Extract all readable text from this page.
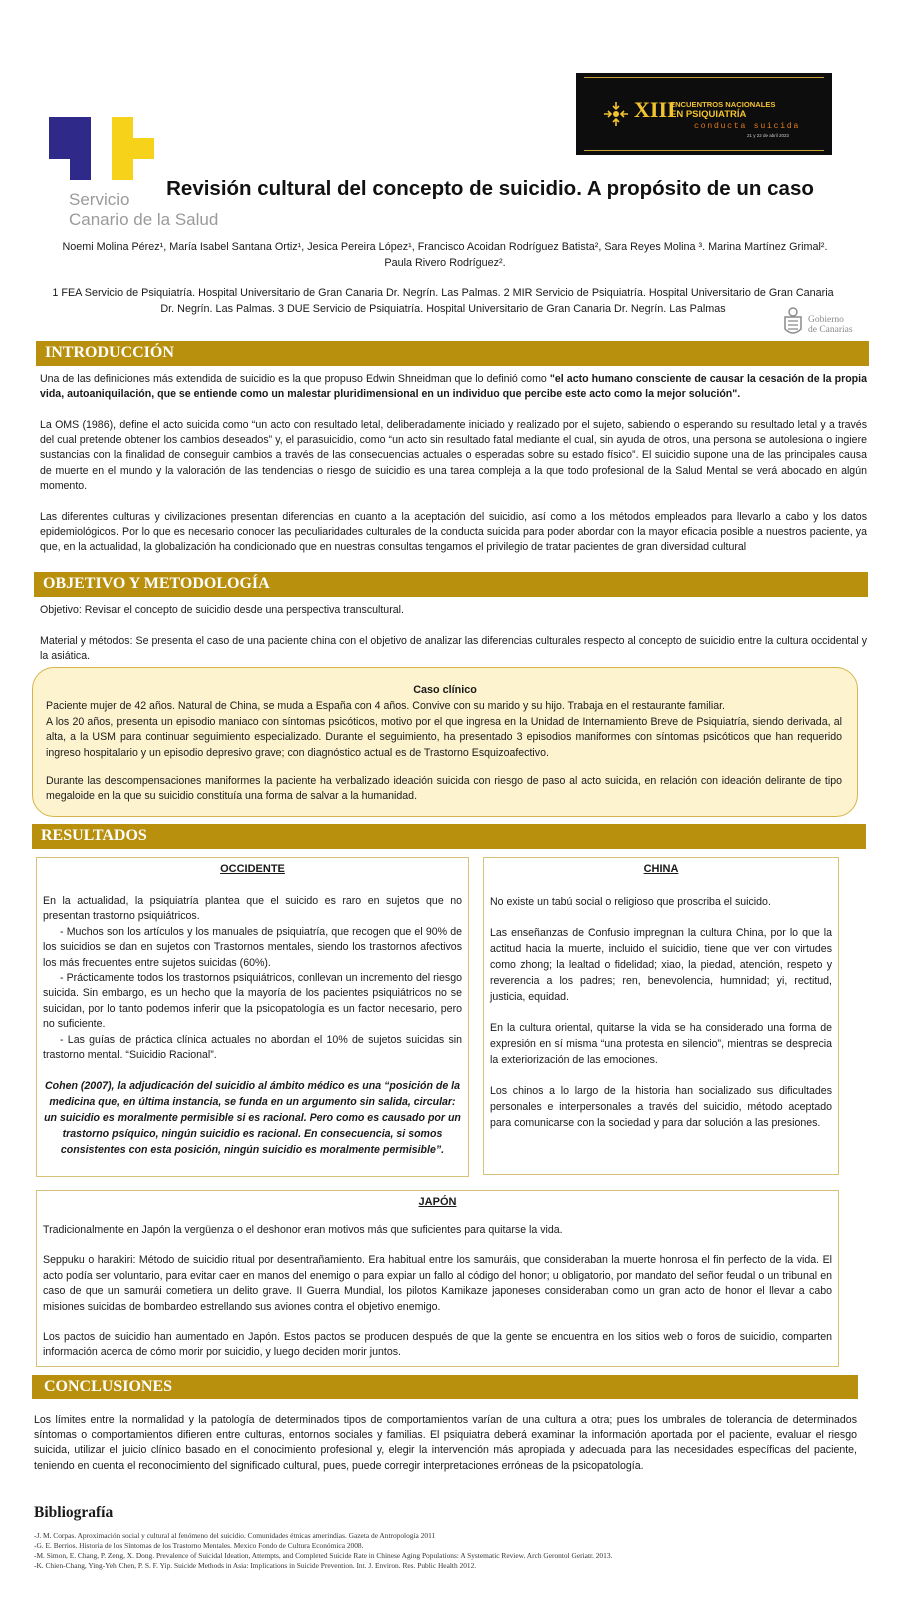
Servicio
Canario de la Salud
XIII
ENCUENTROS NACIONALES
EN PSIQUIATRÍA
conducta suicida
21 y 22 de abril 2022
Revisión cultural del concepto de suicidio. A propósito de un caso
Noemi Molina Pérez¹, María Isabel Santana Ortiz¹, Jesica Pereira López¹, Francisco Acoidan Rodríguez Batista², Sara Reyes Molina ³. Marina Martínez Grimal². Paula Rivero Rodríguez².
1 FEA Servicio de Psiquiatría. Hospital Universitario de Gran Canaria Dr. Negrín. Las Palmas. 2 MIR Servicio de Psiquiatría. Hospital Universitario de Gran Canaria Dr. Negrín. Las Palmas. 3 DUE Servicio de Psiquiatría. Hospital Universitario de Gran Canaria Dr. Negrín. Las Palmas
Gobierno
de Canarias
INTRODUCCIÓN
Una de las definiciones más extendida de suicidio es la que propuso Edwin Shneidman que lo definió como "el acto humano consciente de causar la cesación de la propia vida, autoaniquilación, que se entiende como un malestar pluridimensional en un individuo que percibe este acto como la mejor solución".
La OMS (1986), define el acto suicida como “un acto con resultado letal, deliberadamente iniciado y realizado por el sujeto, sabiendo o esperando su resultado letal y a través del cual pretende obtener los cambios deseados” y, el parasuicidio, como “un acto sin resultado fatal mediante el cual, sin ayuda de otros, una persona se autolesiona o ingiere sustancias con la finalidad de conseguir cambios a través de las consecuencias actuales o esperadas sobre su estado físico”. El suicidio supone una de las principales causa de muerte en el mundo y la valoración de las tendencias o riesgo de suicidio es una tarea compleja a la que todo profesional de la Salud Mental se verá abocado en algún momento.
Las diferentes culturas y civilizaciones presentan diferencias en cuanto a la aceptación del suicidio, así como a los métodos empleados para llevarlo a cabo y los datos epidemiológicos. Por lo que es necesario conocer las peculiaridades culturales de la conducta suicida para poder abordar con la mayor eficacia posible a nuestros paciente, ya que, en la actualidad, la globalización ha condicionado que en nuestras consultas tengamos el privilegio de tratar pacientes de gran diversidad cultural
OBJETIVO Y METODOLOGÍA
Objetivo: Revisar el concepto de suicidio desde una perspectiva transcultural.
Material y métodos: Se presenta el caso de una paciente china con el objetivo de analizar las diferencias culturales respecto al concepto de suicidio entre la cultura occidental y la asiática.
Caso clínico
Paciente mujer de 42 años. Natural de China, se muda a España con 4 años. Convive con su marido y su hijo. Trabaja en el restaurante familiar.
A los 20 años, presenta un episodio maniaco con síntomas psicóticos, motivo por el que ingresa en la Unidad de Internamiento Breve de Psiquiatría, siendo derivada, al alta, a la USM para continuar seguimiento especializado. Durante el seguimiento, ha presentado 3 episodios maniformes con síntomas psicóticos que han requerido ingreso hospitalario y un episodio depresivo grave; con diagnóstico actual es de Trastorno Esquizoafectivo.
Durante las descompensaciones maniformes la paciente ha verbalizado ideación suicida con riesgo de paso al acto suicida, en relación con ideación delirante de tipo megaloide en la que su suicidio constituía una forma de salvar a la humanidad.
RESULTADOS
OCCIDENTE

En la actualidad, la psiquiatría plantea que el suicido es raro en sujetos que no presentan trastorno psiquiátricos.

- Muchos son los artículos y los manuales de psiquiatría, que recogen que el 90% de los suicidios se dan en sujetos con Trastornos mentales, siendo los trastornos afectivos los más frecuentes entre sujetos suicidas (60%).

- Prácticamente todos los trastornos psiquiátricos, conllevan un incremento del riesgo suicida. Sin embargo, es un hecho que la mayoría de los pacientes psiquiátricos no se suicidan, por lo tanto podemos inferir que la psicopatología es un factor necesario, pero no suficiente.

- Las guías de práctica clínica actuales no abordan el 10% de sujetos suicidas sin trastorno mental. “Suicidio Racional”.

Cohen (2007), la adjudicación del suicidio al ámbito médico es una “posición de la medicina que, en última instancia, se funda en un argumento sin salida, circular: un suicidio es moralmente permisible si es racional. Pero como es causado por un trastorno psíquico, ningún suicidio es racional. En consecuencia, si somos consistentes con esta posición, ningún suicidio es moralmente permisible”.

CHINA

No existe un tabú social o religioso que proscriba el suicido.

Las enseñanzas de Confusio impregnan la cultura China, por lo que la actitud hacia la muerte, incluido el suicidio, tiene que ver con virtudes como zhong; la lealtad o fidelidad; xiao, la piedad, atención, respeto y reverencia a los padres; ren, benevolencia, humnidad; yi, rectitud, justicia, equidad.

En la cultura oriental, quitarse la vida se ha considerado una forma de expresión en sí misma “una protesta en silencio”, mientras se desprecia la exteriorización de las emociones.

Los chinos a lo largo de la historia han socializado sus dificultades personales e interpersonales a través del suicidio, método aceptado para comunicarse con la sociedad y para dar solución a las presiones.

JAPÓN

Tradicionalmente en Japón la vergüenza o el deshonor eran motivos más que suficientes para quitarse la vida.

Seppuku o harakiri: Método de suicidio ritual por desentrañamiento. Era habitual entre los samuráis, que consideraban la muerte honrosa el fin perfecto de la vida. El acto podía ser voluntario, para evitar caer en manos del enemigo o para expiar un fallo al código del honor; u obligatorio, por mandato del señor feudal o un tribunal en caso de que un samurái cometiera un delito grave. II Guerra Mundial, los pilotos Kamikaze japoneses consideraban como un gran acto de honor el llevar a cabo misiones suicidas de bombardeo estrellando sus aviones contra el objetivo enemigo.

Los pactos de suicidio han aumentado en Japón. Estos pactos se producen después de que la gente se encuentra en los sitios web o foros de suicidio, comparten información acerca de cómo morir por suicidio, y luego deciden morir juntos.

CONCLUSIONES
Los límites entre la normalidad y la patología de determinados tipos de comportamientos varían de una cultura a otra; pues los umbrales de tolerancia de determinados síntomas o comportamientos difieren entre culturas, entornos sociales y familias. El psiquiatra deberá examinar la información aportada por el paciente, evaluar el riesgo suicida, utilizar el juicio clínico basado en el conocimiento profesional y, elegir la intervención más apropiada y adecuada para las necesidades específicas del paciente, teniendo en cuenta el reconocimiento del significado cultural, pues, puede corregir interpretaciones erróneas de la psicopatología.
Bibliografía
-J. M. Corpas. Aproximación social y cultural al fenómeno del suicidio. Comunidades étnicas amerindias. Gazeta de Antropología 2011
-G. E. Berrios. Historia de los Síntomas de los Trastorno Mentales. Mexico Fondo de Cultura Económica 2008.
-M. Simon, E. Chang, P. Zeng, X. Dong. Prevalence of Suicidal Ideation, Attempts, and Completed Suicide Rate in Chinese Aging Populations: A Systematic Review. Arch Gerontol Geriatr. 2013.
-K. Chien-Chang, Ying-Yeh Chen, P. S. F. Yip. Suicide Methods in Asia: Implications in Suicide Prevention. Int. J. Environ. Res. Public Health 2012.
